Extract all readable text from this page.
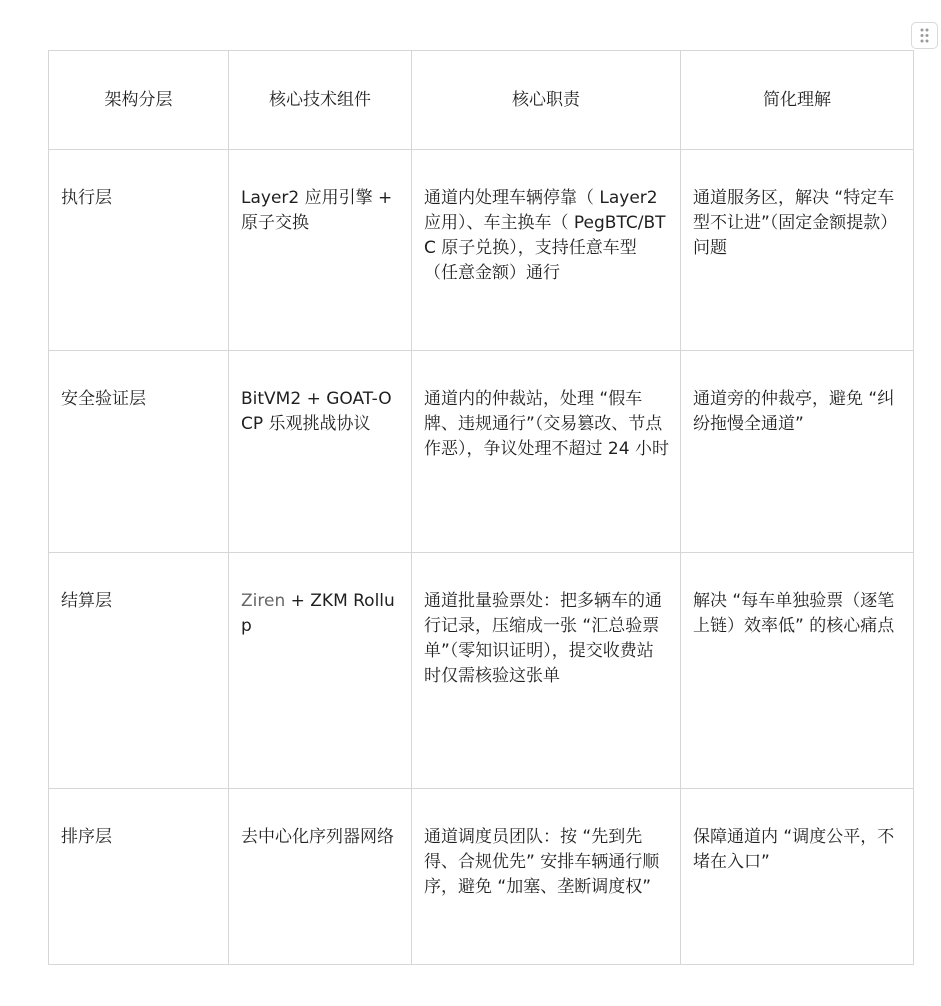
架构分层	核心技术组件	核心职责	简化理解
执行层	Layer2 应用引擎 + 原子交换	通道内处理车辆停靠（ Layer2 应用）、车主换车（ PegBTC/BTC 原子兑换），支持任意车型（任意金额）通行	通道服务区，解决 “特定车型不让进”（固定金额提款）问题
安全验证层	BitVM2 + GOAT-OCP 乐观挑战协议	通道内的仲裁站，处理 “假车牌、违规通行”（交易篡改、节点作恶），争议处理不超过 24 小时	通道旁的仲裁亭，避免 “纠纷拖慢全通道”
结算层	Ziren + ZKM Rollup	通道批量验票处：把多辆车的通行记录，压缩成一张 “汇总验票单”（零知识证明），提交收费站时仅需核验这张单	解决 “每车单独验票（逐笔上链）效率低” 的核心痛点
排序层	去中心化序列器网络	通道调度员团队：按 “先到先得、合规优先” 安排车辆通行顺序，避免 “加塞、垄断调度权”	保障通道内 “调度公平，不堵在入口”
